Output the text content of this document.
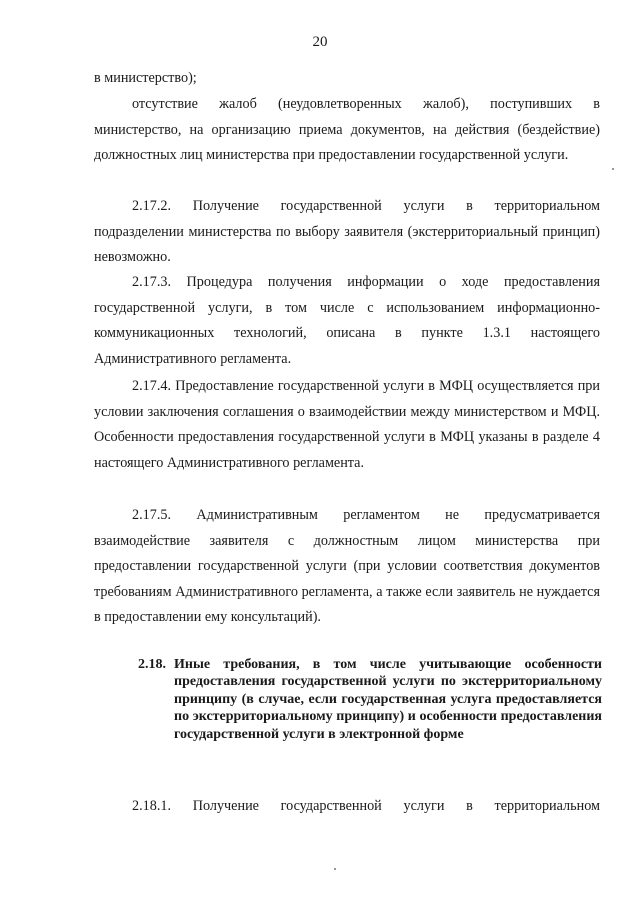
20
в министерство);
отсутствие жалоб (неудовлетворенных жалоб), поступивших в министерство, на организацию приема документов, на действия (бездействие) должностных лиц министерства при предоставлении государственной услуги.
2.17.2. Получение государственной услуги в территориальном подразделении министерства по выбору заявителя (экстерриториальный принцип) невозможно.
2.17.3. Процедура получения информации о ходе предоставления государственной услуги, в том числе с использованием информационно-коммуникационных технологий, описана в пункте 1.3.1 настоящего Административного регламента.
2.17.4. Предоставление государственной услуги в МФЦ осуществляется при условии заключения соглашения о взаимодействии между министерством и МФЦ. Особенности предоставления государственной услуги в МФЦ указаны в разделе 4 настоящего Административного регламента.
2.17.5. Административным регламентом не предусматривается взаимодействие заявителя с должностным лицом министерства при предоставлении государственной услуги (при условии соответствия документов требованиям Административного регламента, а также если заявитель не нуждается в предоставлении ему консультаций).
2.18. Иные требования, в том числе учитывающие особенности предоставления государственной услуги по экстерриториальному принципу (в случае, если государственная услуга предоставляется по экстерриториальному принципу) и особенности предоставления государственной услуги в электронной форме
2.18.1. Получение государственной услуги в территориальном
